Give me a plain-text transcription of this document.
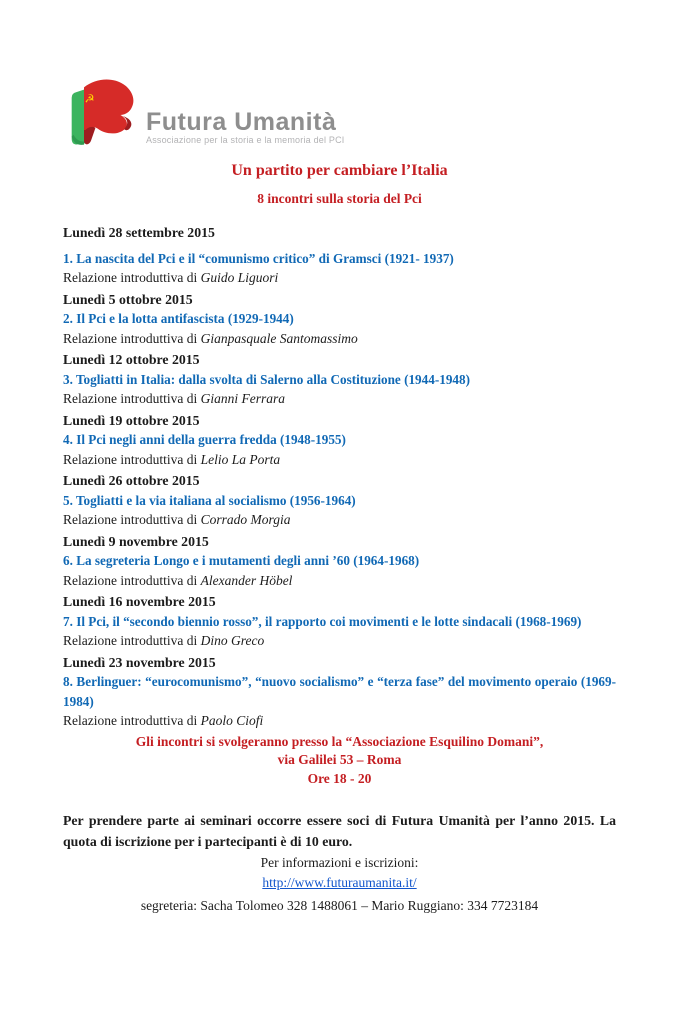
☭
Futura Umanità
Associazione per la storia e la memoria del PCI
Un partito per cambiare l’Italia
8 incontri sulla storia del Pci
Lunedì 28 settembre 2015
1. La nascita del Pci e il “comunismo critico” di Gramsci (1921- 1937)
Relazione introduttiva di Guido Liguori
Lunedì 5 ottobre 2015
2. Il Pci e la lotta antifascista (1929-1944)
Relazione introduttiva di Gianpasquale Santomassimo
Lunedì 12 ottobre 2015
3. Togliatti in Italia: dalla svolta di Salerno alla Costituzione (1944-1948)
Relazione introduttiva di Gianni Ferrara
Lunedì 19 ottobre 2015
4. Il Pci negli anni della guerra fredda (1948-1955)
Relazione introduttiva di Lelio La Porta
Lunedì 26 ottobre 2015
5. Togliatti e la via italiana al socialismo (1956-1964)
Relazione introduttiva di Corrado Morgia
Lunedì 9 novembre 2015
6. La segreteria Longo e i mutamenti degli anni ’60 (1964-1968)
Relazione introduttiva di Alexander Höbel
Lunedì 16 novembre 2015
7. Il Pci, il “secondo biennio rosso”, il rapporto coi movimenti e le lotte sindacali (1968-1969)
Relazione introduttiva di Dino Greco
Lunedì 23 novembre 2015
8. Berlinguer: “eurocomunismo”, “nuovo socialismo” e “terza fase” del movimento operaio (1969- 1984)
Relazione introduttiva di Paolo Ciofi
Gli incontri si svolgeranno presso la “Associazione Esquilino Domani”,
via Galilei 53 – Roma
Ore 18 - 20
Per prendere parte ai seminari occorre essere soci di Futura Umanità per l’anno 2015. La quota di iscrizione per i partecipanti è di 10 euro.
Per informazioni e iscrizioni:
http://www.futuraumanita.it/
segreteria: Sacha Tolomeo 328 1488061 – Mario Ruggiano: 334 7723184
